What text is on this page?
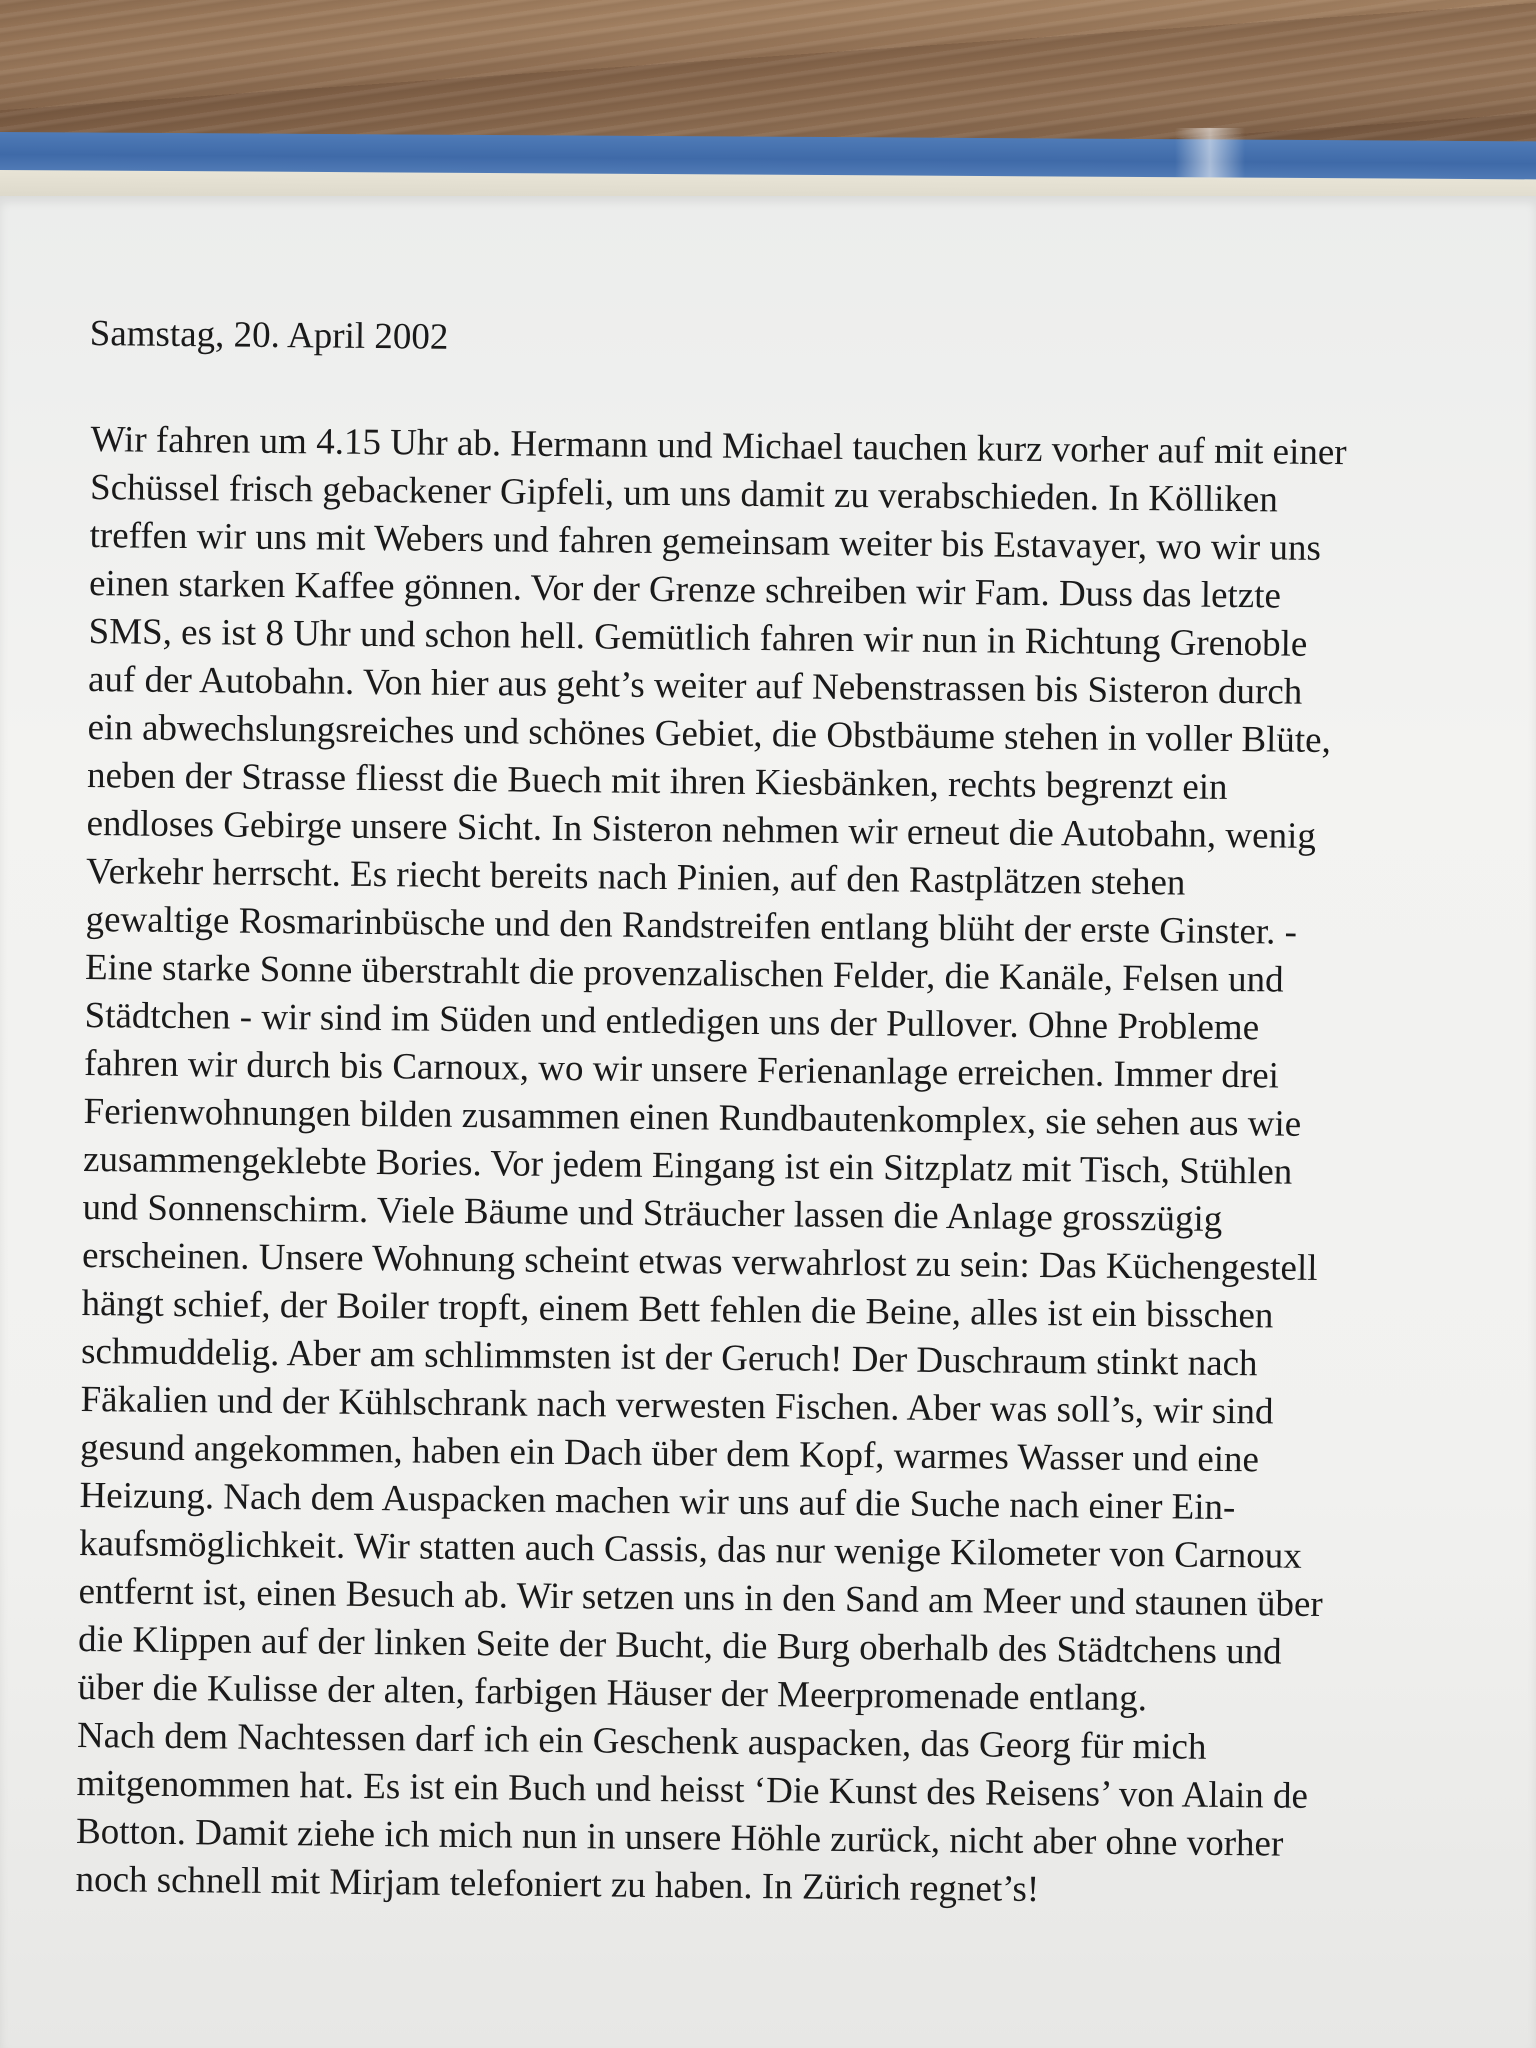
Samstag, 20. April 2002
Wir fahren um 4.15 Uhr ab. Hermann und Michael tauchen kurz vorher auf mit einer
Schüssel frisch gebackener Gipfeli, um uns damit zu verabschieden. In Kölliken
treffen wir uns mit Webers und fahren gemeinsam weiter bis Estavayer, wo wir uns
einen starken Kaffee gönnen. Vor der Grenze schreiben wir Fam. Duss das letzte
SMS, es ist 8 Uhr und schon hell. Gemütlich fahren wir nun in Richtung Grenoble
auf der Autobahn. Von hier aus geht’s weiter auf Nebenstrassen bis Sisteron durch
ein abwechslungsreiches und schönes Gebiet, die Obstbäume stehen in voller Blüte,
neben der Strasse fliesst die Buech mit ihren Kiesbänken, rechts begrenzt ein
endloses Gebirge unsere Sicht. In Sisteron nehmen wir erneut die Autobahn, wenig
Verkehr herrscht. Es riecht bereits nach Pinien, auf den Rastplätzen stehen
gewaltige Rosmarinbüsche und den Randstreifen entlang blüht der erste Ginster. -
Eine starke Sonne überstrahlt die provenzalischen Felder, die Kanäle, Felsen und
Städtchen - wir sind im Süden und entledigen uns der Pullover. Ohne Probleme
fahren wir durch bis Carnoux, wo wir unsere Ferienanlage erreichen. Immer drei
Ferienwohnungen bilden zusammen einen Rundbautenkomplex, sie sehen aus wie
zusammengeklebte Bories. Vor jedem Eingang ist ein Sitzplatz mit Tisch, Stühlen
und Sonnenschirm. Viele Bäume und Sträucher lassen die Anlage grosszügig
erscheinen. Unsere Wohnung scheint etwas verwahrlost zu sein: Das Küchengestell
hängt schief, der Boiler tropft, einem Bett fehlen die Beine, alles ist ein bisschen
schmuddelig. Aber am schlimmsten ist der Geruch! Der Duschraum stinkt nach
Fäkalien und der Kühlschrank nach verwesten Fischen. Aber was soll’s, wir sind
gesund angekommen, haben ein Dach über dem Kopf, warmes Wasser und eine
Heizung. Nach dem Auspacken machen wir uns auf die Suche nach einer Ein-
kaufsmöglichkeit. Wir statten auch Cassis, das nur wenige Kilometer von Carnoux
entfernt ist, einen Besuch ab. Wir setzen uns in den Sand am Meer und staunen über
die Klippen auf der linken Seite der Bucht, die Burg oberhalb des Städtchens und
über die Kulisse der alten, farbigen Häuser der Meerpromenade entlang.
Nach dem Nachtessen darf ich ein Geschenk auspacken, das Georg für mich
mitgenommen hat. Es ist ein Buch und heisst ‘Die Kunst des Reisens’ von Alain de
Botton. Damit ziehe ich mich nun in unsere Höhle zurück, nicht aber ohne vorher
noch schnell mit Mirjam telefoniert zu haben. In Zürich regnet’s!
